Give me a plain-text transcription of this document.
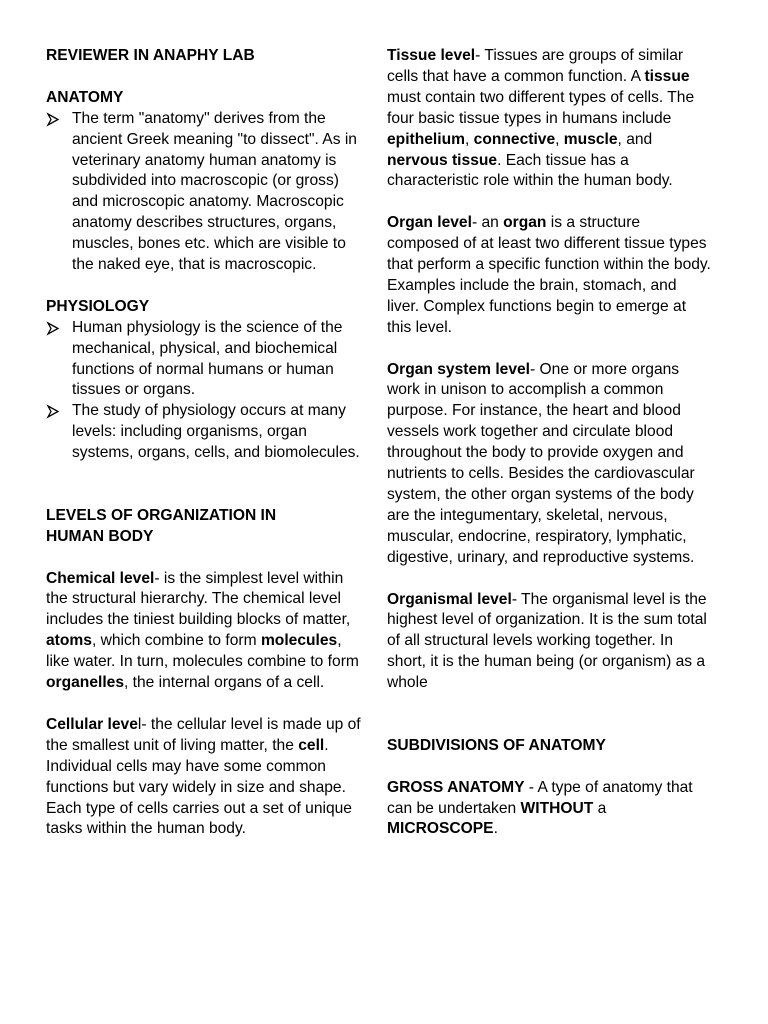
REVIEWER IN ANAPHY LAB
ANATOMY
The term "anatomy" derives from the ancient Greek meaning "to dissect". As in veterinary anatomy human anatomy is subdivided into macroscopic (or gross) and microscopic anatomy. Macroscopic anatomy describes structures, organs, muscles, bones etc. which are visible to the naked eye, that is macroscopic.
PHYSIOLOGY
Human physiology is the science of the mechanical, physical, and biochemical functions of normal humans or human tissues or organs.
The study of physiology occurs at many levels: including organisms, organ systems, organs, cells, and biomolecules.
LEVELS OF ORGANIZATION IN
HUMAN BODY

Chemical level- is the simplest level within the structural hierarchy. The chemical level includes the tiniest building blocks of matter, atoms, which combine to form molecules, like water. In turn, molecules combine to form organelles, the internal organs of a cell.

Cellular level- the cellular level is made up of the smallest unit of living matter, the cell. Individual cells may have some common functions but vary widely in size and shape. Each type of cells carries out a set of unique tasks within the human body.

Tissue level- Tissues are groups of similar cells that have a common function. A tissue must contain two different types of cells. The four basic tissue types in humans include epithelium, connective, muscle, and nervous tissue. Each tissue has a characteristic role within the human body.

Organ level- an organ is a structure composed of at least two different tissue types that perform a specific function within the body. Examples include the brain, stomach, and liver. Complex functions begin to emerge at this level.

Organ system level- One or more organs work in unison to accomplish a common purpose. For instance, the heart and blood vessels work together and circulate blood throughout the body to provide oxygen and nutrients to cells. Besides the cardiovascular system, the other organ systems of the body are the integumentary, skeletal, nervous, muscular, endocrine, respiratory, lymphatic, digestive, urinary, and reproductive systems.

Organismal level- The organismal level is the highest level of organization. It is the sum total of all structural levels working together. In short, it is the human being (or organism) as a whole

SUBDIVISIONS OF ANATOMY

GROSS ANATOMY - A type of anatomy that can be undertaken WITHOUT a MICROSCOPE.
